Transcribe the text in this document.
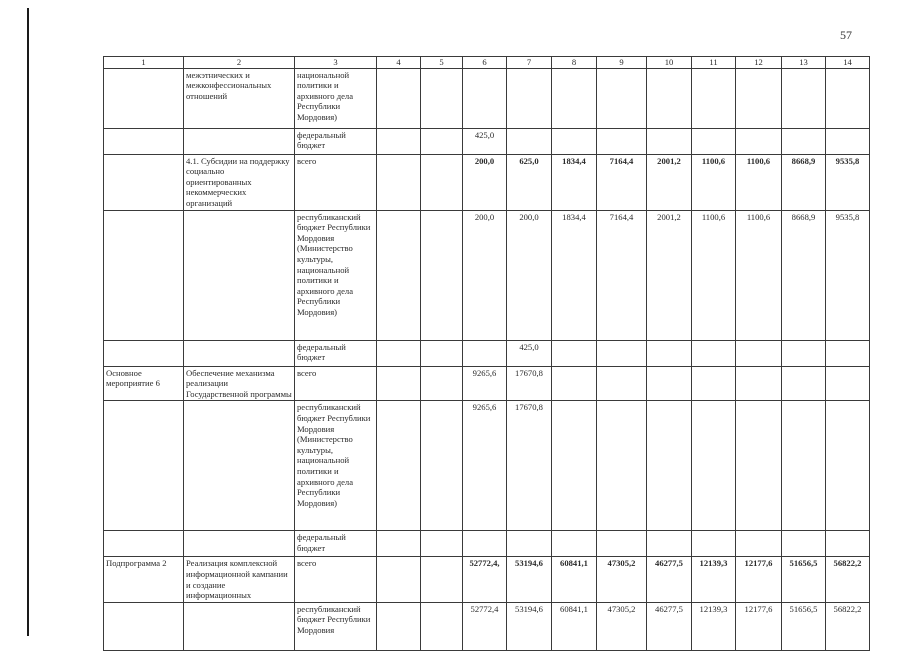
57
1	2	3	4	5	6	7	8	9	10	11	12	13	14
	межэтнических и межконфессиональных отношений	национальной политики и архивного дела Республики Мордовия)											
		федеральный бюджет			425,0								
	4.1. Субсидии на поддержку социально ориентированных некоммерческих организаций	всего			200,0	625,0	1834,4	7164,4	2001,2	1100,6	1100,6	8668,9	9535,8
		республиканский бюджет Республики Мордовия (Министерство культуры, национальной политики и архивного дела Республики Мордовия)			200,0	200,0	1834,4	7164,4	2001,2	1100,6	1100,6	8668,9	9535,8
		федеральный бюджет				425,0							
Основное мероприятие 6	Обеспечение механизма реализации Государственной программы	всего			9265,6	17670,8							
		республиканский бюджет Республики Мордовия (Министерство культуры, национальной политики и архивного дела Республики Мордовия)			9265,6	17670,8							
		федеральный бюджет											
Подпрограмма 2	Реализация комплексной информационной кампании и создание информационных	всего			52772,4,	53194,6	60841,1	47305,2	46277,5	12139,3	12177,6	51656,5	56822,2
		республиканский бюджет Республики Мордовия			52772,4	53194,6	60841,1	47305,2	46277,5	12139,3	12177,6	51656,5	56822,2
